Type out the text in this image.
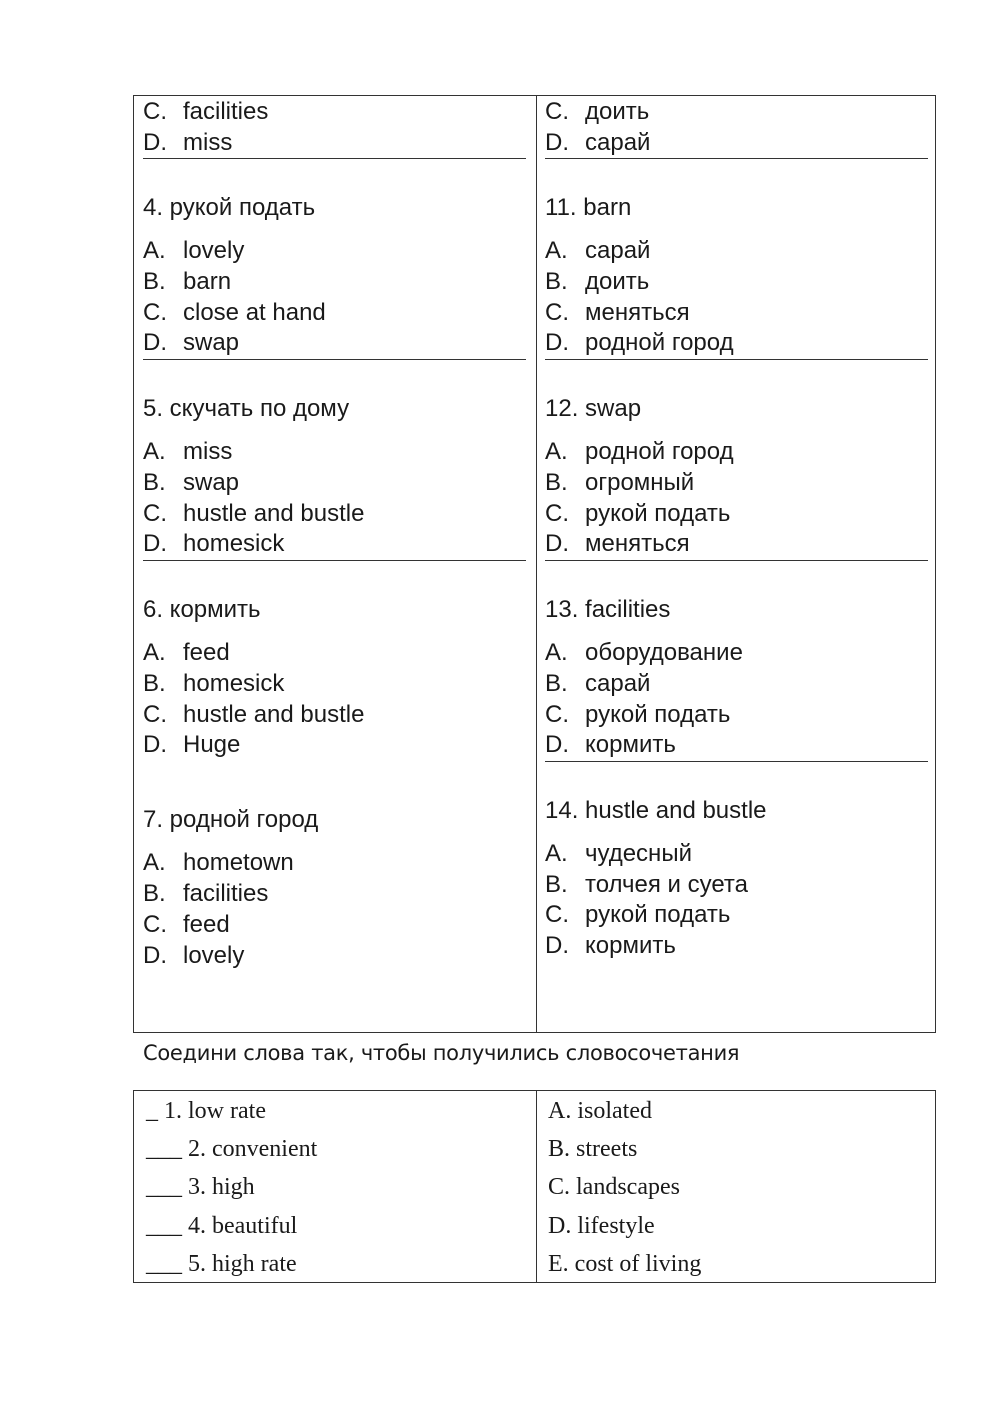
C. facilities
D. miss
4. рукой подать
A. lovely
B. barn
C. close at hand
D. swap
5. скучать по дому
A. miss
B. swap
C. hustle and bustle
D. homesick
6. кормить
A. feed
B. homesick
C. hustle and bustle
D. Huge
7. родной город
A. hometown
B. facilities
C. feed
D. lovely
C. доить
D. сарай
11. barn
A. сарай
B. доить
C. меняться
D. родной город
12. swap
A. родной город
B. огромный
C. рукой подать
D. меняться
13. facilities
A. оборудование
B. сарай
C. рукой подать
D. кормить
14. hustle and bustle
A. чудесный
B. толчея и суета
C. рукой подать
D. кормить
Соедини слова так, чтобы получились словосочетания
_ 1. low rate
___ 2. convenient
___ 3. high
___ 4. beautiful
___ 5. high rate
A. isolated
B. streets
C. landscapes
D. lifestyle
E. cost of living
